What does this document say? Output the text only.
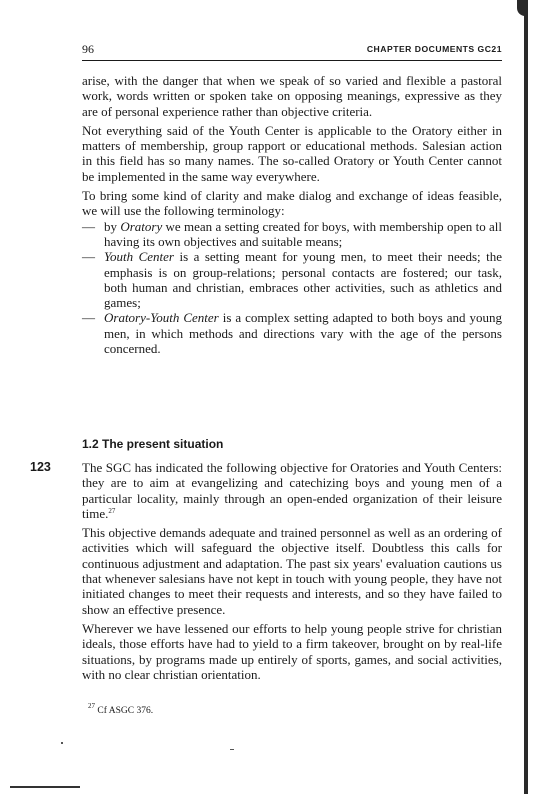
96	CHAPTER DOCUMENTS GC21

arise, with the danger that when we speak of so varied and flexible a pastoral work, words written or spoken take on opposing meanings, expressive as they are of personal experience rather than objective criteria.

Not everything said of the Youth Center is applicable to the Oratory either in matters of membership, group rapport or educational methods. Salesian action in this field has so many names. The so-called Oratory or Youth Center cannot be implemented in the same way everywhere.

To bring some kind of clarity and make dialog and exchange of ideas feasible, we will use the following terminology:

— by Oratory we mean a setting created for boys, with membership open to all having its own objectives and suitable means;
— Youth Center is a setting meant for young men, to meet their needs; the emphasis is on group-relations; personal contacts are fostered; our task, both human and christian, embraces other activities, such as athletics and games;
— Oratory-Youth Center is a complex setting adapted to both boys and young men, in which methods and directions vary with the age of the persons concerned.
1.2 The present situation
123 The SGC has indicated the following objective for Oratories and Youth Centers: they are to aim at evangelizing and catechizing boys and young men of a particular locality, mainly through an open-ended organization of their leisure time.$^{27}$

This objective demands adequate and trained personnel as well as an ordering of activities which will safeguard the objective itself. Doubtless this calls for continuous adjustment and adaptation. The past six years' evaluation cautions us that whenever salesians have not kept in touch with young people, they have not initiated changes to meet their requests and interests, and so they have failed to show an effective presence.

Wherever we have lessened our efforts to help young people strive for christian ideals, those efforts have had to yield to a firm takeover, brought on by real-life situations, by programs made up entirely of sports, games, and social activities, with no clear christian orientation.

$^{27}$ Cf ASGC 376.
